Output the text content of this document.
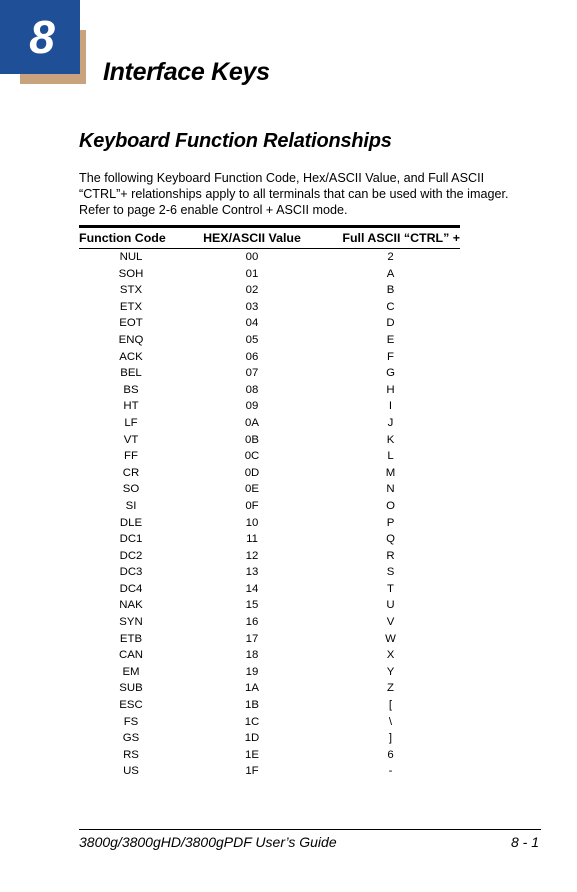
8
Interface Keys
Keyboard Function Relationships

The following Keyboard Function Code, Hex/ASCII Value, and Full ASCII
“CTRL”+ relationships apply to all terminals that can be used with the imager.
Refer to page 2-6 enable Control + ASCII mode.

Function Code	HEX/ASCII Value	Full ASCII “CTRL” +
NUL	00	2
SOH	01	A
STX	02	B
ETX	03	C
EOT	04	D
ENQ	05	E
ACK	06	F
BEL	07	G
BS	08	H
HT	09	I
LF	0A	J
VT	0B	K
FF	0C	L
CR	0D	M
SO	0E	N
SI	0F	O
DLE	10	P
DC1	11	Q
DC2	12	R
DC3	13	S
DC4	14	T
NAK	15	U
SYN	16	V
ETB	17	W
CAN	18	X
EM	19	Y
SUB	1A	Z
ESC	1B	[
FS	1C	\
GS	1D	]
RS	1E	6
US	1F	-
3800g/3800gHD/3800gPDF User’s Guide	8 - 1
